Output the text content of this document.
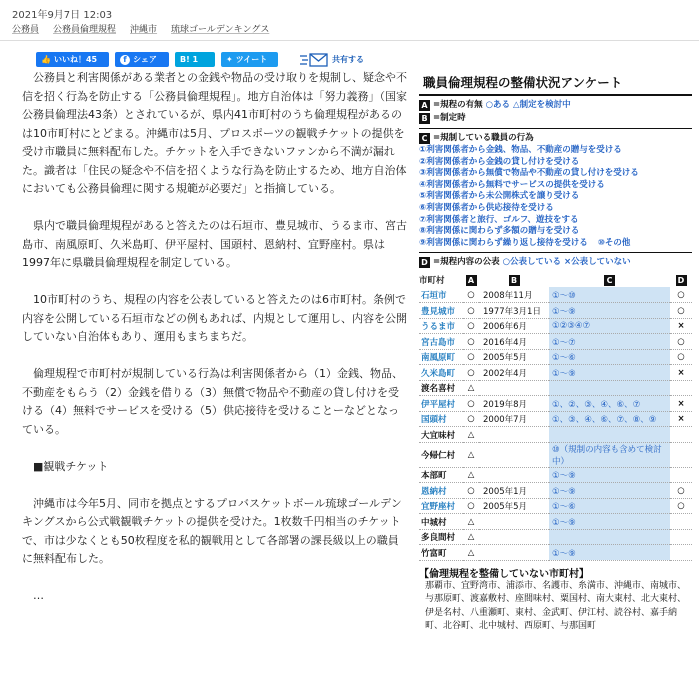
2021年9月7日 12:03
公務員 公務員倫理規程 沖縄市 琉球ゴールデンキングス
👍 いいね！45	f シェア	B! 1	✦ ツイート	共有する

公務員と利害関係がある業者との金銭や物品の受け取りを規制し、疑念や不信を招く行為を防止する「公務員倫理規程」。地方自治体は「努力義務」（国家公務員倫理法43条）とされているが、県内41市町村のうち倫理規程があるのは10市町村にとどまる。沖縄市は5月、プロスポーツの観戦チケットの提供を受け市職員に無料配布した。チケットを入手できないファンから不満が漏れた。識者は「住民の疑念や不信を招くような行為を防止するため、地方自治体においても公務員倫理に関する規範が必要だ」と指摘している。

県内で職員倫理規程があると答えたのは石垣市、豊見城市、うるま市、宮古島市、南風原町、久米島町、伊平屋村、国頭村、恩納村、宜野座村。県は1997年に県職員倫理規程を制定している。

10市町村のうち、規程の内容を公表していると答えたのは6市町村。条例で内容を公開している石垣市などの例もあれば、内規として運用し、内容を公開していない自治体もあり、運用もまちまちだ。

倫理規程で市町村が規制している行為は利害関係者から（1）金銭、物品、不動産をもらう（2）金銭を借りる（3）無償で物品や不動産の貸し付けを受ける（4）無料でサービスを受ける（5）供応接待を受けることーなどとなっている。

■観戦チケット

沖縄市は今年5月、同市を拠点とするプロバスケットボール琉球ゴールデンキングスから公式戦観戦チケットの提供を受けた。1枚数千円相当のチケットで、市は少なくとも50枚程度を私的観戦用として各部署の課長級以上の職員に無料配布した。

…

職員倫理規程の整備状況アンケート
A =規程の有無 ○ある △制定を検討中
B =制定時
C =規制している職員の行為
①利害関係者から金銭、物品、不動産の贈与を受ける
②利害関係者から金銭の貸し付けを受ける
③利害関係者から無償で物品や不動産の貸し付けを受ける
④利害関係者から無料でサービスの提供を受ける
⑤利害関係者から未公開株式を譲り受ける
⑥利害関係者から供応接待を受ける
⑦利害関係者と旅行、ゴルフ、遊技をする
⑧利害関係に関わらず多額の贈与を受ける
⑨利害関係に関わらず繰り返し接待を受ける ⑩その他
D =規程内容の公表 ○公表している ×公表していない
市町村	A	B	C	D
石垣市	○	2008年11月	①〜⑩	○
豊見城市	○	1977年3月1日	①〜⑨	○
うるま市	○	2006年6月	①②③④⑦	×
宮古島市	○	2016年4月	①〜⑦	○
南風原町	○	2005年5月	①〜⑥	○
久米島町	○	2002年4月	①〜⑨	×
渡名喜村	△			
伊平屋村	○	2019年8月	①、②、③、④、⑥、⑦	×
国頭村	○	2000年7月	①、③、④、⑥、⑦、⑧、⑨	×
大宜味村	△			
今帰仁村	△		⑩（規制の内容も含めて検討中）	
本部町	△		①〜⑨	
恩納村	○	2005年1月	①〜⑨	○
宜野座村	○	2005年5月	①〜⑥	○
中城村	△		①〜⑨	
多良間村	△			
竹富町	△		①〜⑨	
【倫理規程を整備していない市町村】
那覇市、宜野湾市、浦添市、名護市、糸満市、沖縄市、南城市、与那原町、渡嘉敷村、座間味村、粟国村、南大東村、北大東村、伊是名村、八重瀬町、東村、金武町、伊江村、読谷村、嘉手納町、北谷町、北中城村、西原町、与那国町
